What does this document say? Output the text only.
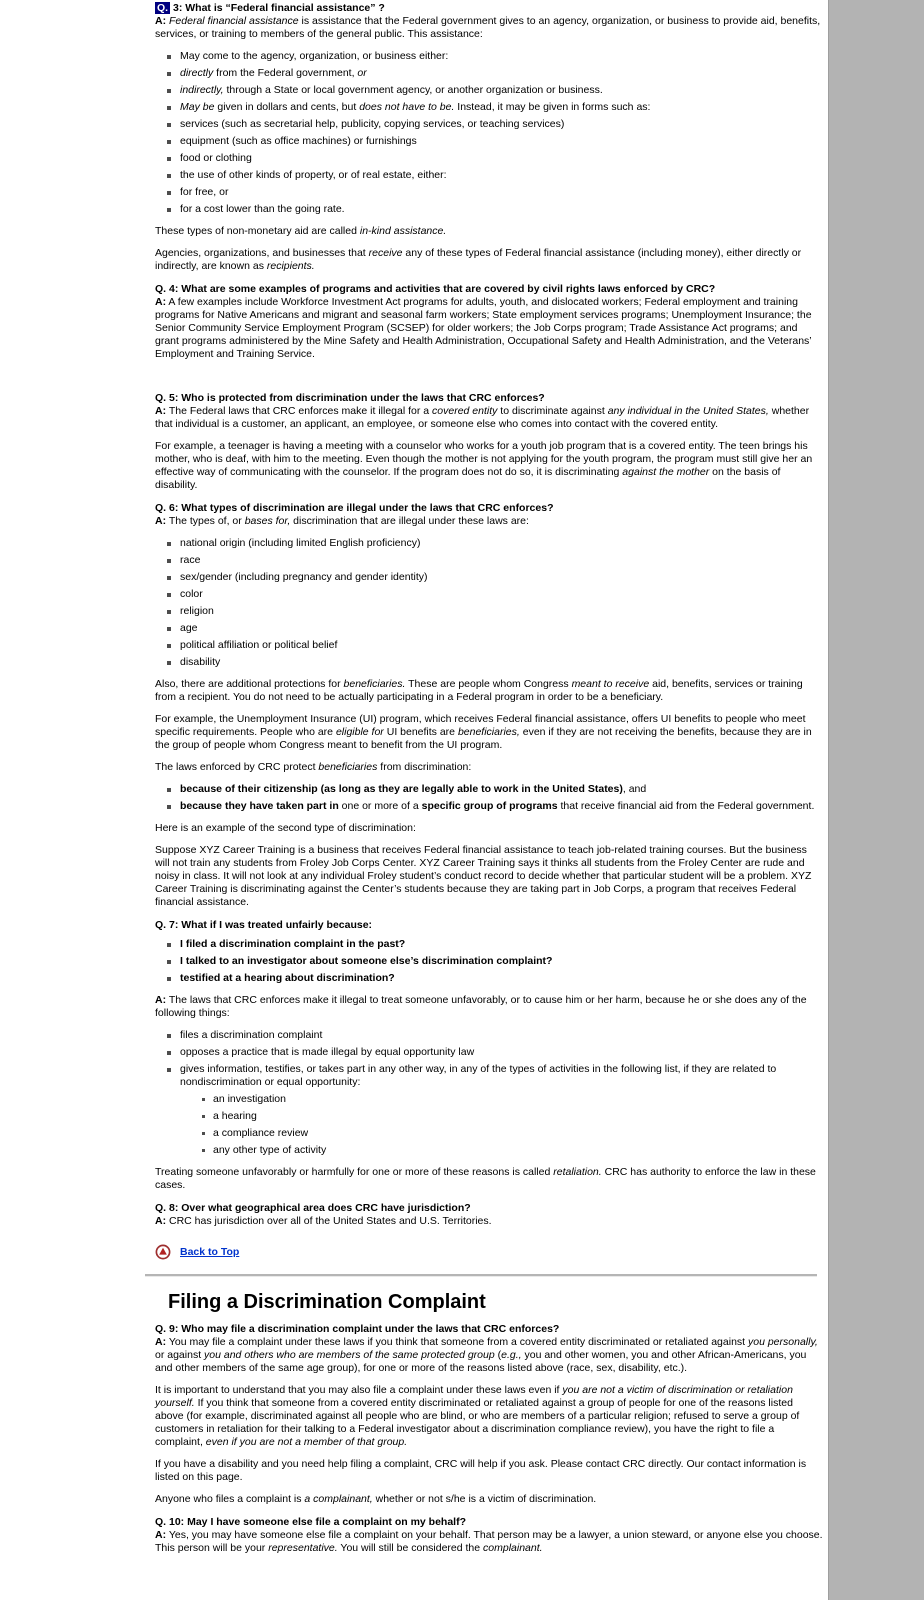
Q. 3: What is “Federal financial assistance” ?

A: Federal financial assistance is assistance that the Federal government gives to an agency, organization, or business to provide aid, benefits, services, or training to members of the general public. This assistance:

May come to the agency, organization, or business either:
directly from the Federal government, or
indirectly, through a State or local government agency, or another organization or business.
May be given in dollars and cents, but does not have to be. Instead, it may be given in forms such as:
services (such as secretarial help, publicity, copying services, or teaching services)
equipment (such as office machines) or furnishings
food or clothing
the use of other kinds of property, or of real estate, either:
for free, or
for a cost lower than the going rate.

These types of non-monetary aid are called in-kind assistance.

Agencies, organizations, and businesses that receive any of these types of Federal financial assistance (including money), either directly or indirectly, are known as recipients.

Q. 4: What are some examples of programs and activities that are covered by civil rights laws enforced by CRC?

A: A few examples include Workforce Investment Act programs for adults, youth, and dislocated workers; Federal employment and training programs for Native Americans and migrant and seasonal farm workers; State employment services programs; Unemployment Insurance; the Senior Community Service Employment Program (SCSEP) for older workers; the Job Corps program; Trade Assistance Act programs; and grant programs administered by the Mine Safety and Health Administration, Occupational Safety and Health Administration, and the Veterans’ Employment and Training Service.

Q. 5: Who is protected from discrimination under the laws that CRC enforces?

A: The Federal laws that CRC enforces make it illegal for a covered entity to discriminate against any individual in the United States, whether that individual is a customer, an applicant, an employee, or someone else who comes into contact with the covered entity.

For example, a teenager is having a meeting with a counselor who works for a youth job program that is a covered entity. The teen brings his mother, who is deaf, with him to the meeting. Even though the mother is not applying for the youth program, the program must still give her an effective way of communicating with the counselor. If the program does not do so, it is discriminating against the mother on the basis of disability.

Q. 6: What types of discrimination are illegal under the laws that CRC enforces?

A: The types of, or bases for, discrimination that are illegal under these laws are:

national origin (including limited English proficiency)
race
sex/gender (including pregnancy and gender identity)
color
religion
age
political affiliation or political belief
disability

Also, there are additional protections for beneficiaries. These are people whom Congress meant to receive aid, benefits, services or training from a recipient. You do not need to be actually participating in a Federal program in order to be a beneficiary.

For example, the Unemployment Insurance (UI) program, which receives Federal financial assistance, offers UI benefits to people who meet specific requirements. People who are eligible for UI benefits are beneficiaries, even if they are not receiving the benefits, because they are in the group of people whom Congress meant to benefit from the UI program.

The laws enforced by CRC protect beneficiaries from discrimination:

because of their citizenship (as long as they are legally able to work in the United States), and
because they have taken part in one or more of a specific group of programs that receive financial aid from the Federal government.

Here is an example of the second type of discrimination:

Suppose XYZ Career Training is a business that receives Federal financial assistance to teach job-related training courses. But the business will not train any students from Froley Job Corps Center. XYZ Career Training says it thinks all students from the Froley Center are rude and noisy in class. It will not look at any individual Froley student’s conduct record to decide whether that particular student will be a problem. XYZ Career Training is discriminating against the Center’s students because they are taking part in Job Corps, a program that receives Federal financial assistance.

Q. 7: What if I was treated unfairly because:

I filed a discrimination complaint in the past?
I talked to an investigator about someone else’s discrimination complaint?
testified at a hearing about discrimination?

A: The laws that CRC enforces make it illegal to treat someone unfavorably, or to cause him or her harm, because he or she does any of the following things:

files a discrimination complaint
opposes a practice that is made illegal by equal opportunity law
gives information, testifies, or takes part in any other way, in any of the types of activities in the following list, if they are related to nondiscrimination or equal opportunity:
an investigation
a hearing
a compliance review
any other type of activity

Treating someone unfavorably or harmfully for one or more of these reasons is called retaliation. CRC has authority to enforce the law in these cases.

Q. 8: Over what geographical area does CRC have jurisdiction?

A: CRC has jurisdiction over all of the United States and U.S. Territories.

Back to Top
Filing a Discrimination Complaint

Q. 9: Who may file a discrimination complaint under the laws that CRC enforces?

A: You may file a complaint under these laws if you think that someone from a covered entity discriminated or retaliated against you personally, or against you and others who are members of the same protected group (e.g., you and other women, you and other African-Americans, you and other members of the same age group), for one or more of the reasons listed above (race, sex, disability, etc.).

It is important to understand that you may also file a complaint under these laws even if you are not a victim of discrimination or retaliation yourself. If you think that someone from a covered entity discriminated or retaliated against a group of people for one of the reasons listed above (for example, discriminated against all people who are blind, or who are members of a particular religion; refused to serve a group of customers in retaliation for their talking to a Federal investigator about a discrimination compliance review), you have the right to file a complaint, even if you are not a member of that group.

If you have a disability and you need help filing a complaint, CRC will help if you ask. Please contact CRC directly. Our contact information is listed on this page.

Anyone who files a complaint is a complainant, whether or not s/he is a victim of discrimination.

Q. 10: May I have someone else file a complaint on my behalf?

A: Yes, you may have someone else file a complaint on your behalf. That person may be a lawyer, a union steward, or anyone else you choose. This person will be your representative. You will still be considered the complainant.
